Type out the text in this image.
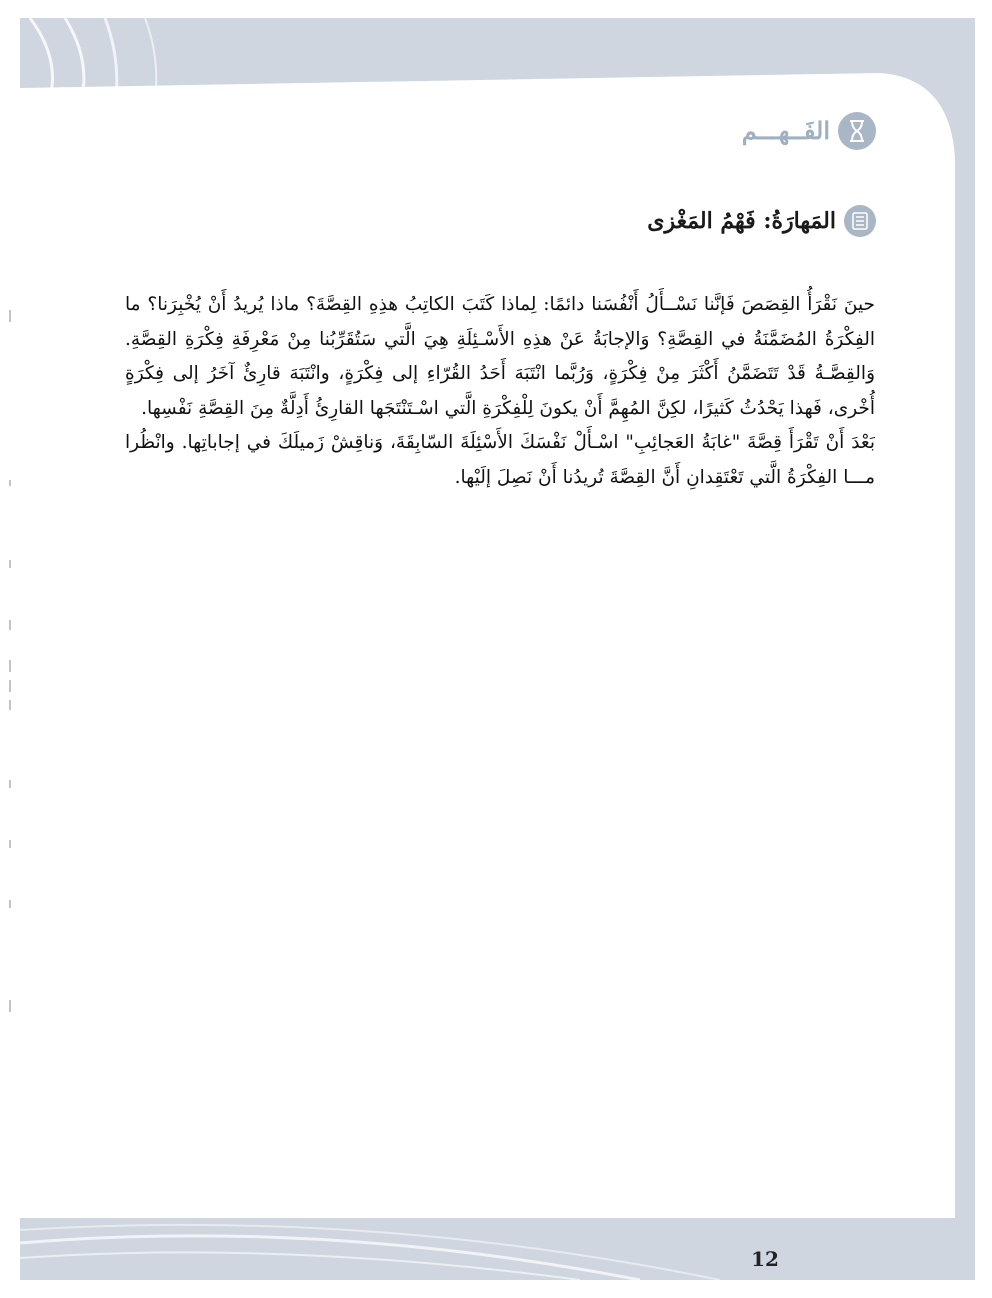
الفَــهـــم
المَهارَةُ: فَهْمُ المَغْزى

حينَ نَقْرَأُ القِصَصَ فَإنَّنا نَسْــأَلُ أَنْفُسَنا دائمًا: لِماذا كَتَبَ الكاتِبُ هذِهِ القِصَّةَ؟ ماذا يُريدُ أَنْ يُخْبِرَنا؟ ما الفِكْرَةُ المُضَمَّنَةُ في القِصَّةِ؟ وَالإجابَةُ عَنْ هذِهِ الأَسْـئِلَةِ هِيَ الَّتي سَتُقَرِّبُنا مِنْ مَعْرِفَةِ فِكْرَةِ القِصَّةِ. وَالقِصَّـةُ قَدْ تَتَضَمَّنُ أَكْثَرَ مِنْ فِكْرَةٍ، وَرُبَّما انْتَبَهَ أَحَدُ القُرّاءِ إلى فِكْرَةٍ، وانْتَبَهَ قارِئٌ آخَرُ إلى فِكْرَةٍ أُخْرى، فَهذا يَحْدُثُ كَثيرًا، لكِنَّ المُهِمَّ أَنْ يكونَ لِلْفِكْرَةِ الَّتي اسْـتَنْتَجَها القارِئُ أَدِلَّةٌ مِنَ القِصَّةِ نَفْسِها.

بَعْدَ أَنْ تَقْرَأَ قِصَّةَ "غابَةُ العَجائِبِ" اسْـأَلْ نَفْسَكَ الأَسْئِلَةَ السّابِقَةَ، وَناقِشْ زَميلَكَ في إجاباتِها. وانْظُرا مـــا الفِكْرَةُ الَّتي تَعْتَقِدانِ أَنَّ القِصَّةَ تُريدُنا أَنْ نَصِلَ إلَيْها.

12
